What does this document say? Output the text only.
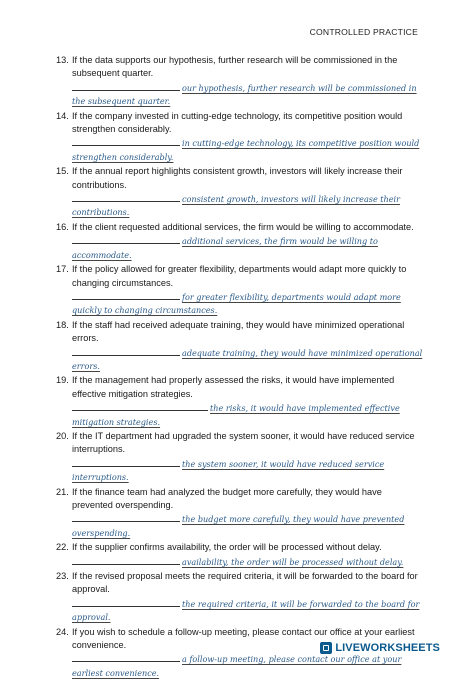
CONTROLLED PRACTICE
13. If the data supports our hypothesis, further research will be commissioned in the subsequent quarter.
our hypothesis, further research will be commissioned in the subsequent quarter.
14. If the company invested in cutting-edge technology, its competitive position would strengthen considerably.
in cutting-edge technology, its competitive position would strengthen considerably.
15. If the annual report highlights consistent growth, investors will likely increase their contributions.
consistent growth, investors will likely increase their contributions.
16. If the client requested additional services, the firm would be willing to accommodate.
additional services, the firm would be willing to accommodate.
17. If the policy allowed for greater flexibility, departments would adapt more quickly to changing circumstances.
for greater flexibility, departments would adapt more quickly to changing circumstances.
18. If the staff had received adequate training, they would have minimized operational errors.
adequate training, they would have minimized operational errors.
19. If the management had properly assessed the risks, it would have implemented effective mitigation strategies.
the risks, it would have implemented effective mitigation strategies.
20. If the IT department had upgraded the system sooner, it would have reduced service interruptions.
the system sooner, it would have reduced service interruptions.
21. If the finance team had analyzed the budget more carefully, they would have prevented overspending.
the budget more carefully, they would have prevented overspending.
22. If the supplier confirms availability, the order will be processed without delay.
availability, the order will be processed without delay.
23. If the revised proposal meets the required criteria, it will be forwarded to the board for approval.
the required criteria, it will be forwarded to the board for approval.
24. If you wish to schedule a follow-up meeting, please contact our office at your earliest convenience.
a follow-up meeting, please contact our office at your earliest convenience.
LIVEWORKSHEETS
